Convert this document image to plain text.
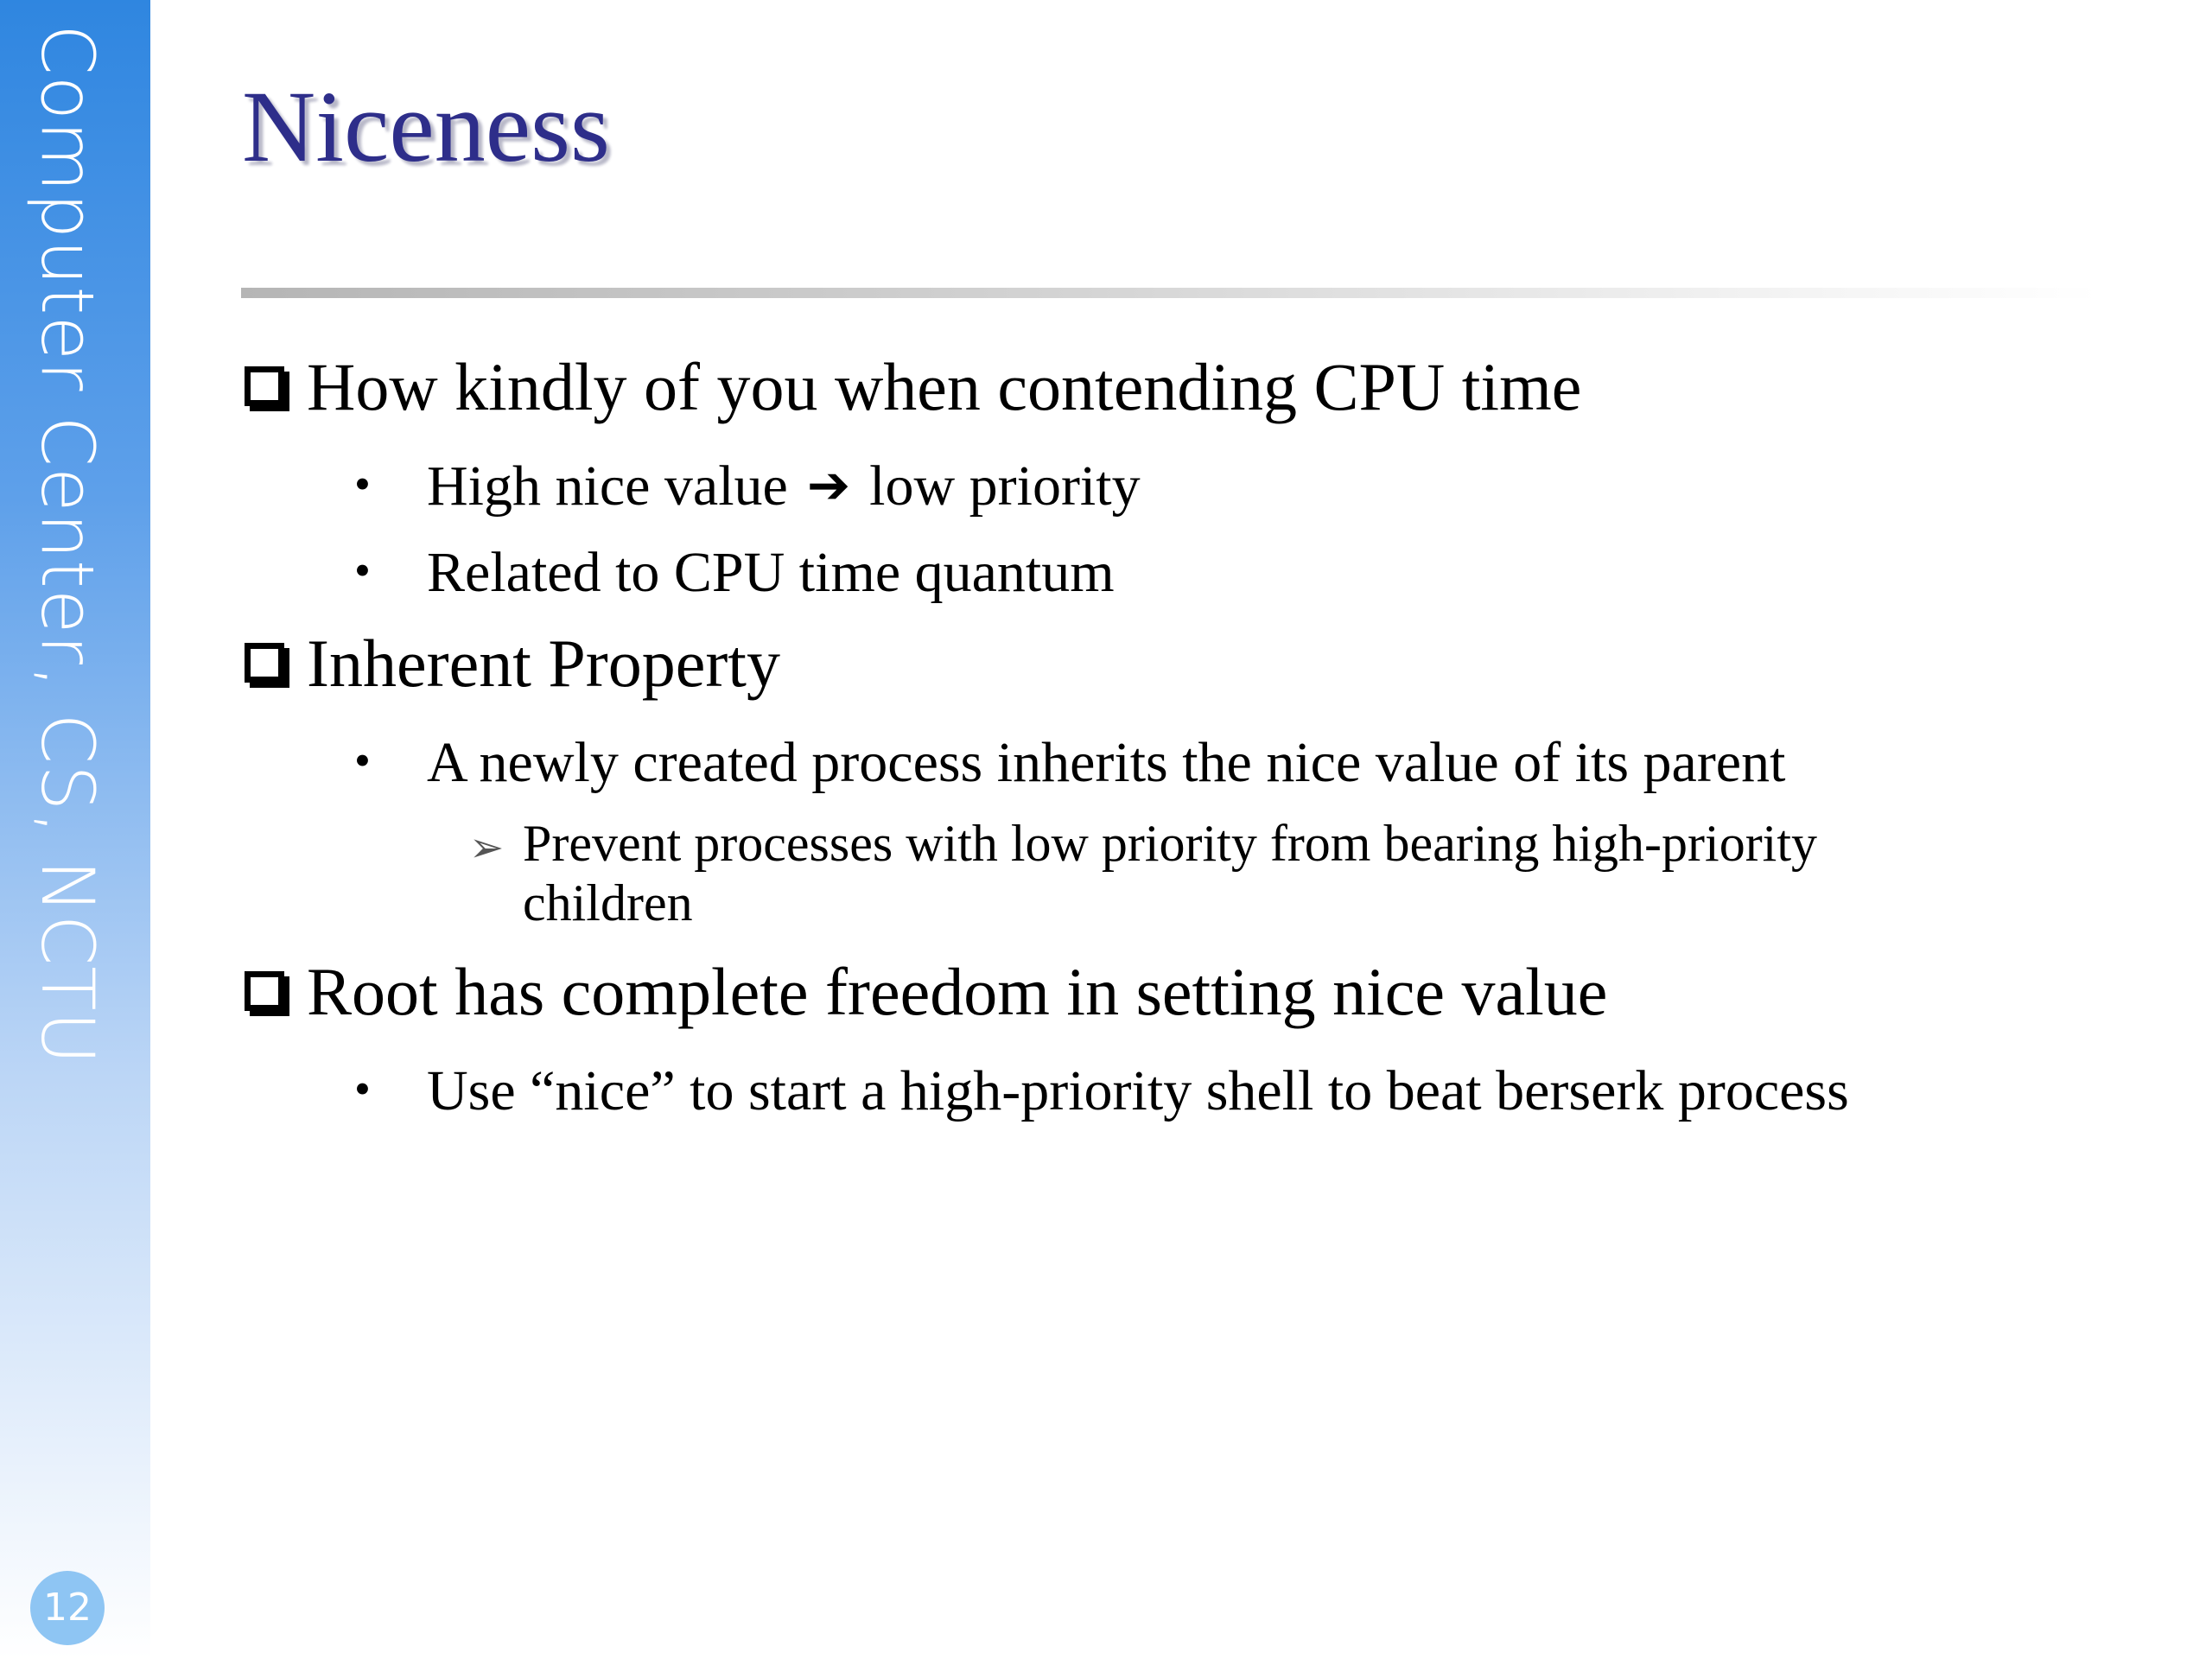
Computer Center, CS, NCTU
12
Niceness
How kindly of you when contending CPU time
• High nice value ➔ low priority
• Related to CPU time quantum
Inherent Property
• A newly created process inherits the nice value of its parent
➢ Prevent processes with low priority from bearing high-priority children
Root has complete freedom in setting nice value
• Use “nice” to start a high-priority shell to beat berserk process
